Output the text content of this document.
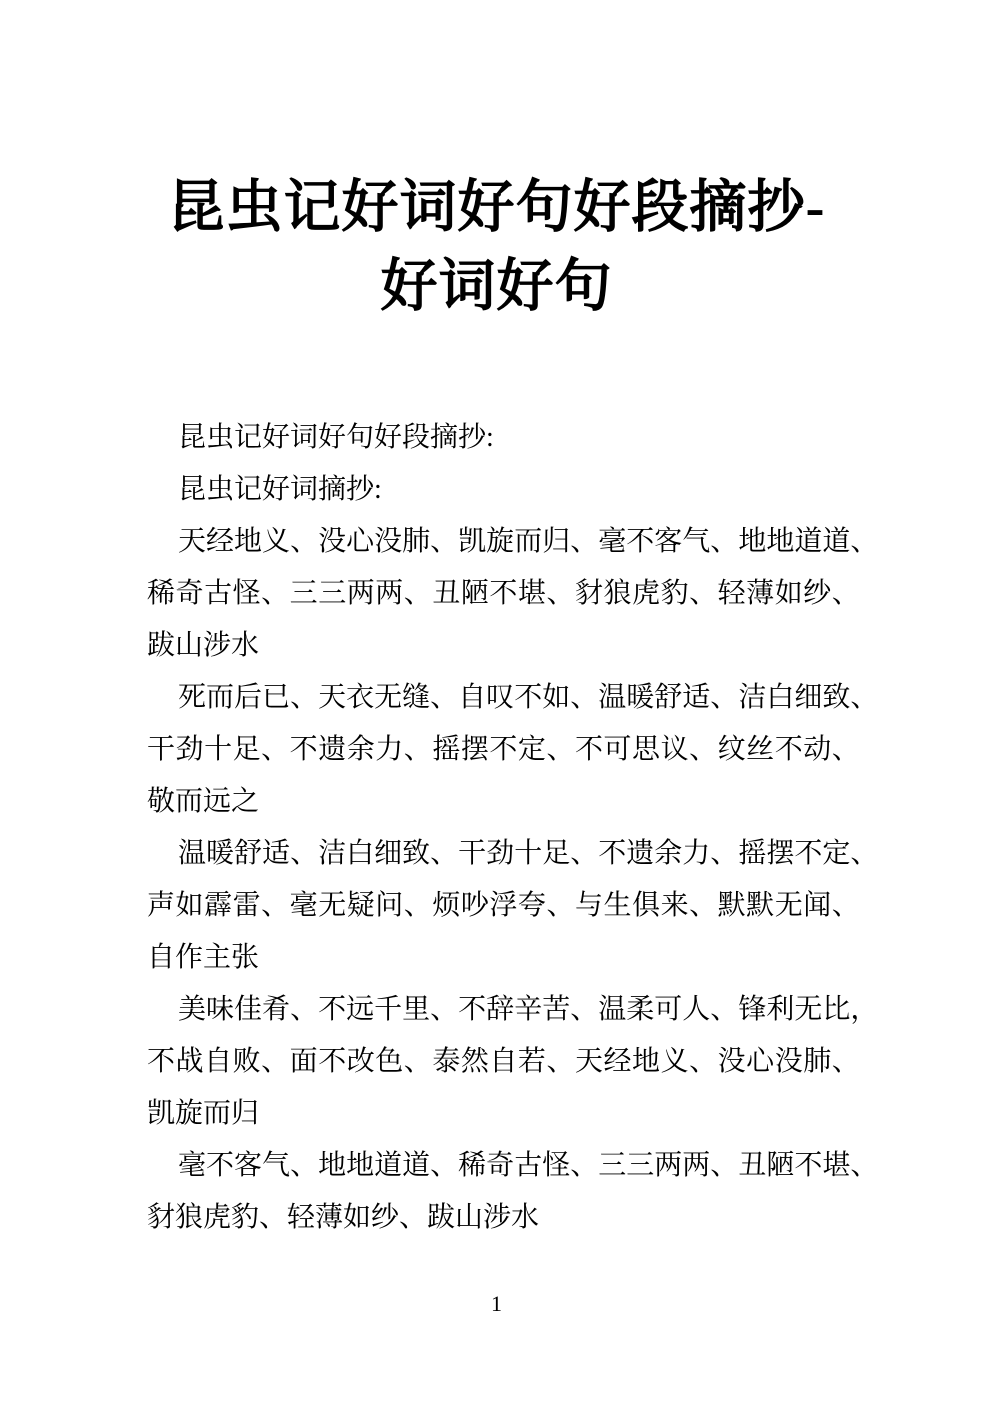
昆虫记好词好句好段摘抄-
好词好句
昆虫记好词好句好段摘抄:
昆虫记好词摘抄:
天 经 地 义 、 没 心 没 肺 、 凯 旋 而 归 、 毫 不 客 气 、 地 地 道 道 、
稀 奇 古 怪 、 三 三 两 两 、 丑 陋 不 堪 、 豺 狼 虎 豹 、 轻 薄 如 纱 、
跋山涉水
死 而 后 已 、 天 衣 无 缝 、 自 叹 不 如 、 温 暖 舒 适 、 洁 白 细 致 、
干 劲 十 足 、 不 遗 余 力 、 摇 摆 不 定 、 不 可 思 议 、 纹 丝 不 动 、
敬而远之
温 暖 舒 适 、 洁 白 细 致 、 干 劲 十 足 、 不 遗 余 力 、 摇 摆 不 定 、
声 如 霹 雷 、 毫 无 疑 问 、 烦 吵 浮 夸 、 与 生 俱 来 、 默 默 无 闻 、
自作主张
美 味 佳 肴 、 不 远 千 里 、 不 辞 辛 苦 、 温 柔 可 人 、 锋 利 无 比 ，
不 战 自 败 、 面 不 改 色 、 泰 然 自 若 、 天 经 地 义 、 没 心 没 肺 、
凯旋而归
毫 不 客 气 、 地 地 道 道 、 稀 奇 古 怪 、 三 三 两 两 、 丑 陋 不 堪 、
豺狼虎豹、轻薄如纱、跋山涉水
1
